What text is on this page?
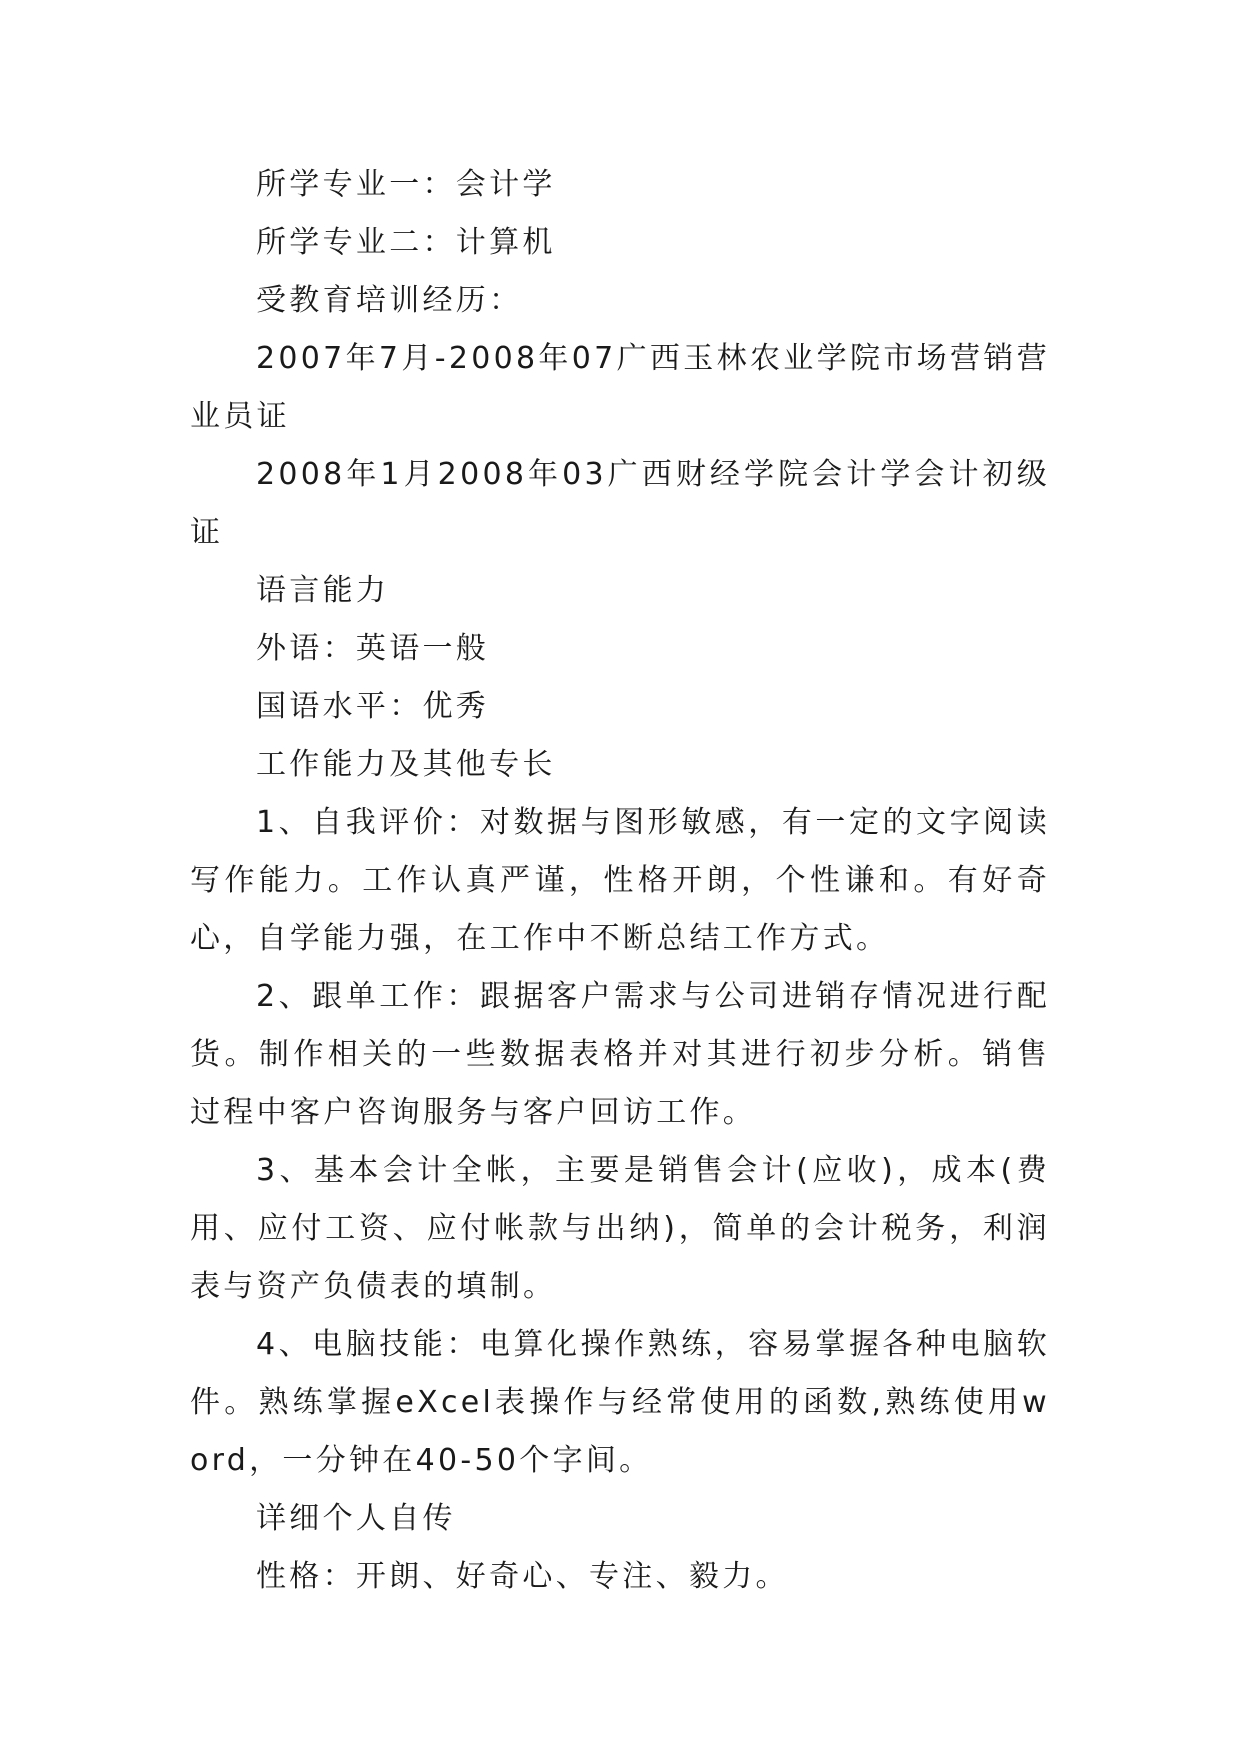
所学专业一：会计学

所学专业二：计算机

受教育培训经历：

2007年7月-2008年07广西玉林农业学院市场营销营业员证

2008年1月2008年03广西财经学院会计学会计初级证

语言能力

外语：英语一般

国语水平：优秀

工作能力及其他专长

1、自我评价：对数据与图形敏感，有一定的文字阅读写作能力。工作认真严谨，性格开朗，个性谦和。有好奇心，自学能力强，在工作中不断总结工作方式。

2、跟单工作：跟据客户需求与公司进销存情况进行配货。制作相关的一些数据表格并对其进行初步分析。销售过程中客户咨询服务与客户回访工作。

3、基本会计全帐，主要是销售会计(应收)，成本(费用、应付工资、应付帐款与出纳)，简单的会计税务，利润表与资产负债表的填制。

4、电脑技能：电算化操作熟练，容易掌握各种电脑软件。熟练掌握eXcel表操作与经常使用的函数,熟练使用word，一分钟在40-50个字间。

详细个人自传

性格：开朗、好奇心、专注、毅力。
